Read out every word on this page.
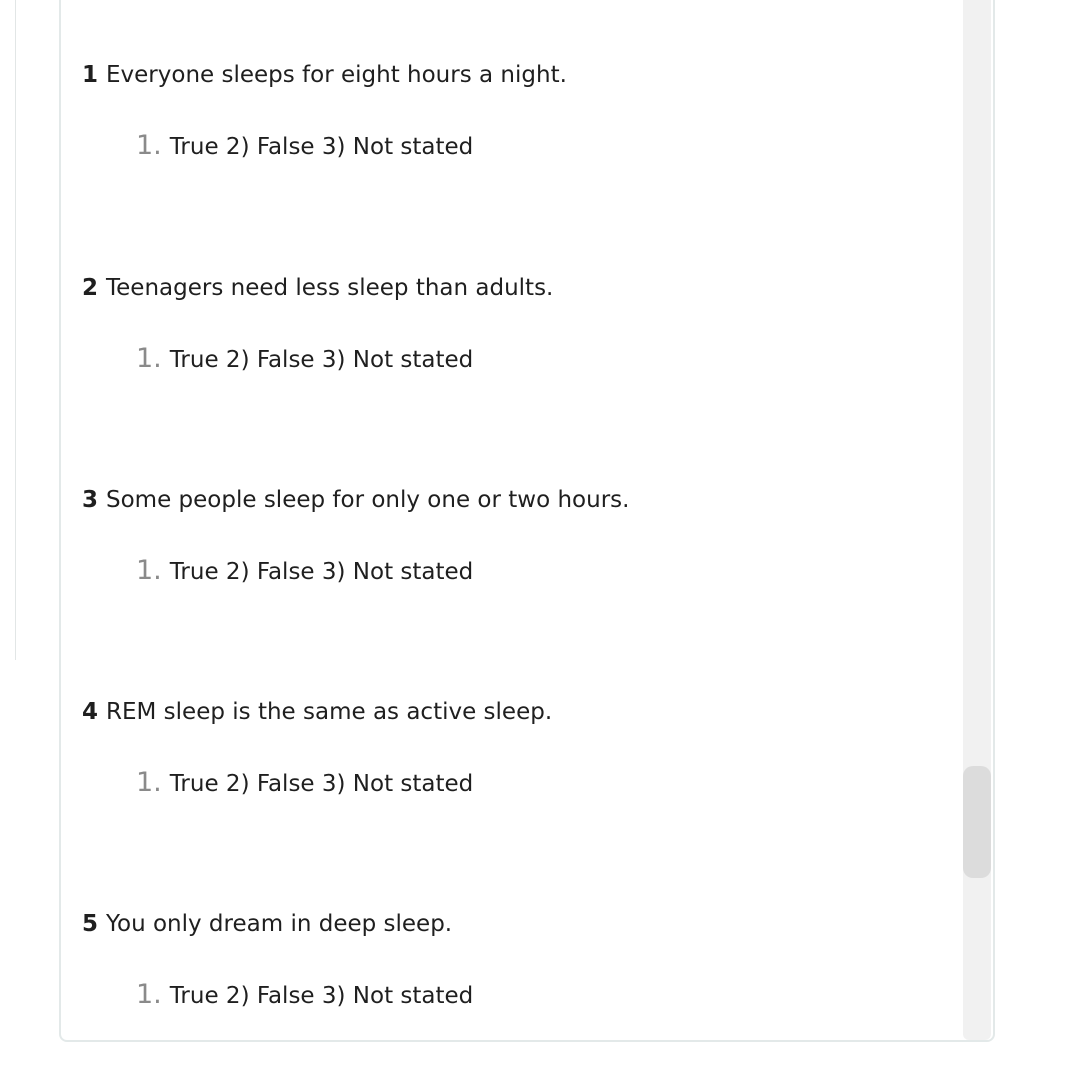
1 Everyone sleeps for eight hours a night.
1. True 2) False 3) Not stated
2 Teenagers need less sleep than adults.
1. True 2) False 3) Not stated
3 Some people sleep for only one or two hours.
1. True 2) False 3) Not stated
4 REM sleep is the same as active sleep.
1. True 2) False 3) Not stated
5 You only dream in deep sleep.
1. True 2) False 3) Not stated
